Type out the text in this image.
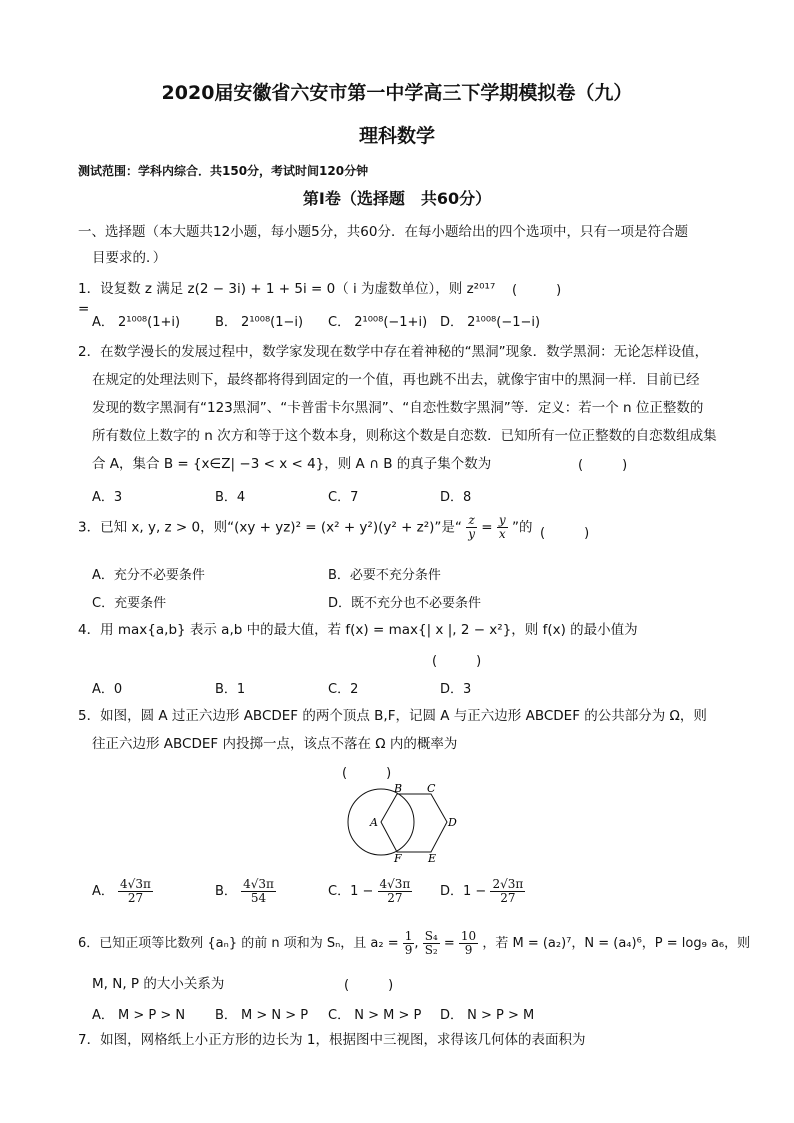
2020届安徽省六安市第一中学高三下学期模拟卷（九）
理科数学
测试范围：学科内综合．共150分，考试时间120分钟
第Ⅰ卷（选择题　共60分）
一、选择题（本大题共12小题，每小题5分，共60分．在每小题给出的四个选项中，只有一项是符合题
目要求的．）
1．设复数 z 满足 z(2 − 3i) + 1 + 5i = 0（ i 为虚数单位），则 z²⁰¹⁷ =
(　　　)
A． 2¹⁰⁰⁸(1+i)	B． 2¹⁰⁰⁸(1−i) C． 2¹⁰⁰⁸(−1+i) D． 2¹⁰⁰⁸(−1−i)
2．在数学漫长的发展过程中，数学家发现在数学中存在着神秘的“黑洞”现象．数学黑洞：无论怎样设值，
在规定的处理法则下，最终都将得到固定的一个值，再也跳不出去，就像宇宙中的黑洞一样．目前已经
发现的数字黑洞有“123黑洞”、“卡普雷卡尔黑洞”、“自恋性数字黑洞”等．定义：若一个 n 位正整数的
所有数位上数字的 n 次方和等于这个数本身，则称这个数是自恋数．已知所有一位正整数的自恋数组成集
合 A，集合 B = {x∈Z| −3 < x < 4}，则 A ∩ B 的真子集个数为	(　　　)
A．3	B．4	C．7	D．8
3．已知 x, y, z > 0，则“(xy + yz)² = (x² + y²)(y² + z²)”是“ $\frac{z}{y} = \frac{y}{x}$ ”的 (　　　)
A．充分不必要条件	B．必要不充分条件
C．充要条件	D．既不充分也不必要条件
4．用 max{a,b} 表示 a,b 中的最大值，若 f(x) = max{| x |, 2 − x²}，则 f(x) 的最小值为
(　　　)
A．0	B．1	C．2	D．3
5．如图，圆 A 过正六边形 ABCDEF 的两个顶点 B,F，记圆 A 与正六边形 ABCDEF 的公共部分为 Ω，则
往正六边形 ABCDEF 内投掷一点，该点不落在 Ω 内的概率为
(　　　)
A
B C
D
E
F
A． $\frac{4√3\pi}{27}$	B． $\frac{4√3\pi}{54}$	C．$1 - \frac{4√3\pi}{27}$ D．$1 - \frac{2√3\pi}{27}$
6．已知正项等比数列 {aₙ} 的前 n 项和为 Sₙ，且 $a_2 = \frac{1}{9}$ , $\frac{\text{S₄}}{\text{S₂}} = \frac{10}{9}$ ，若 M = (a₂)⁷，N = (a₄)⁶，P = log₉ a₆，则
M, N, P 的大小关系为	(　　　)
A． M > P > N B． M > N > P C． N > M > P D． N > P > M
7．如图，网格纸上小正方形的边长为 1，根据图中三视图，求得该几何体的表面积为
